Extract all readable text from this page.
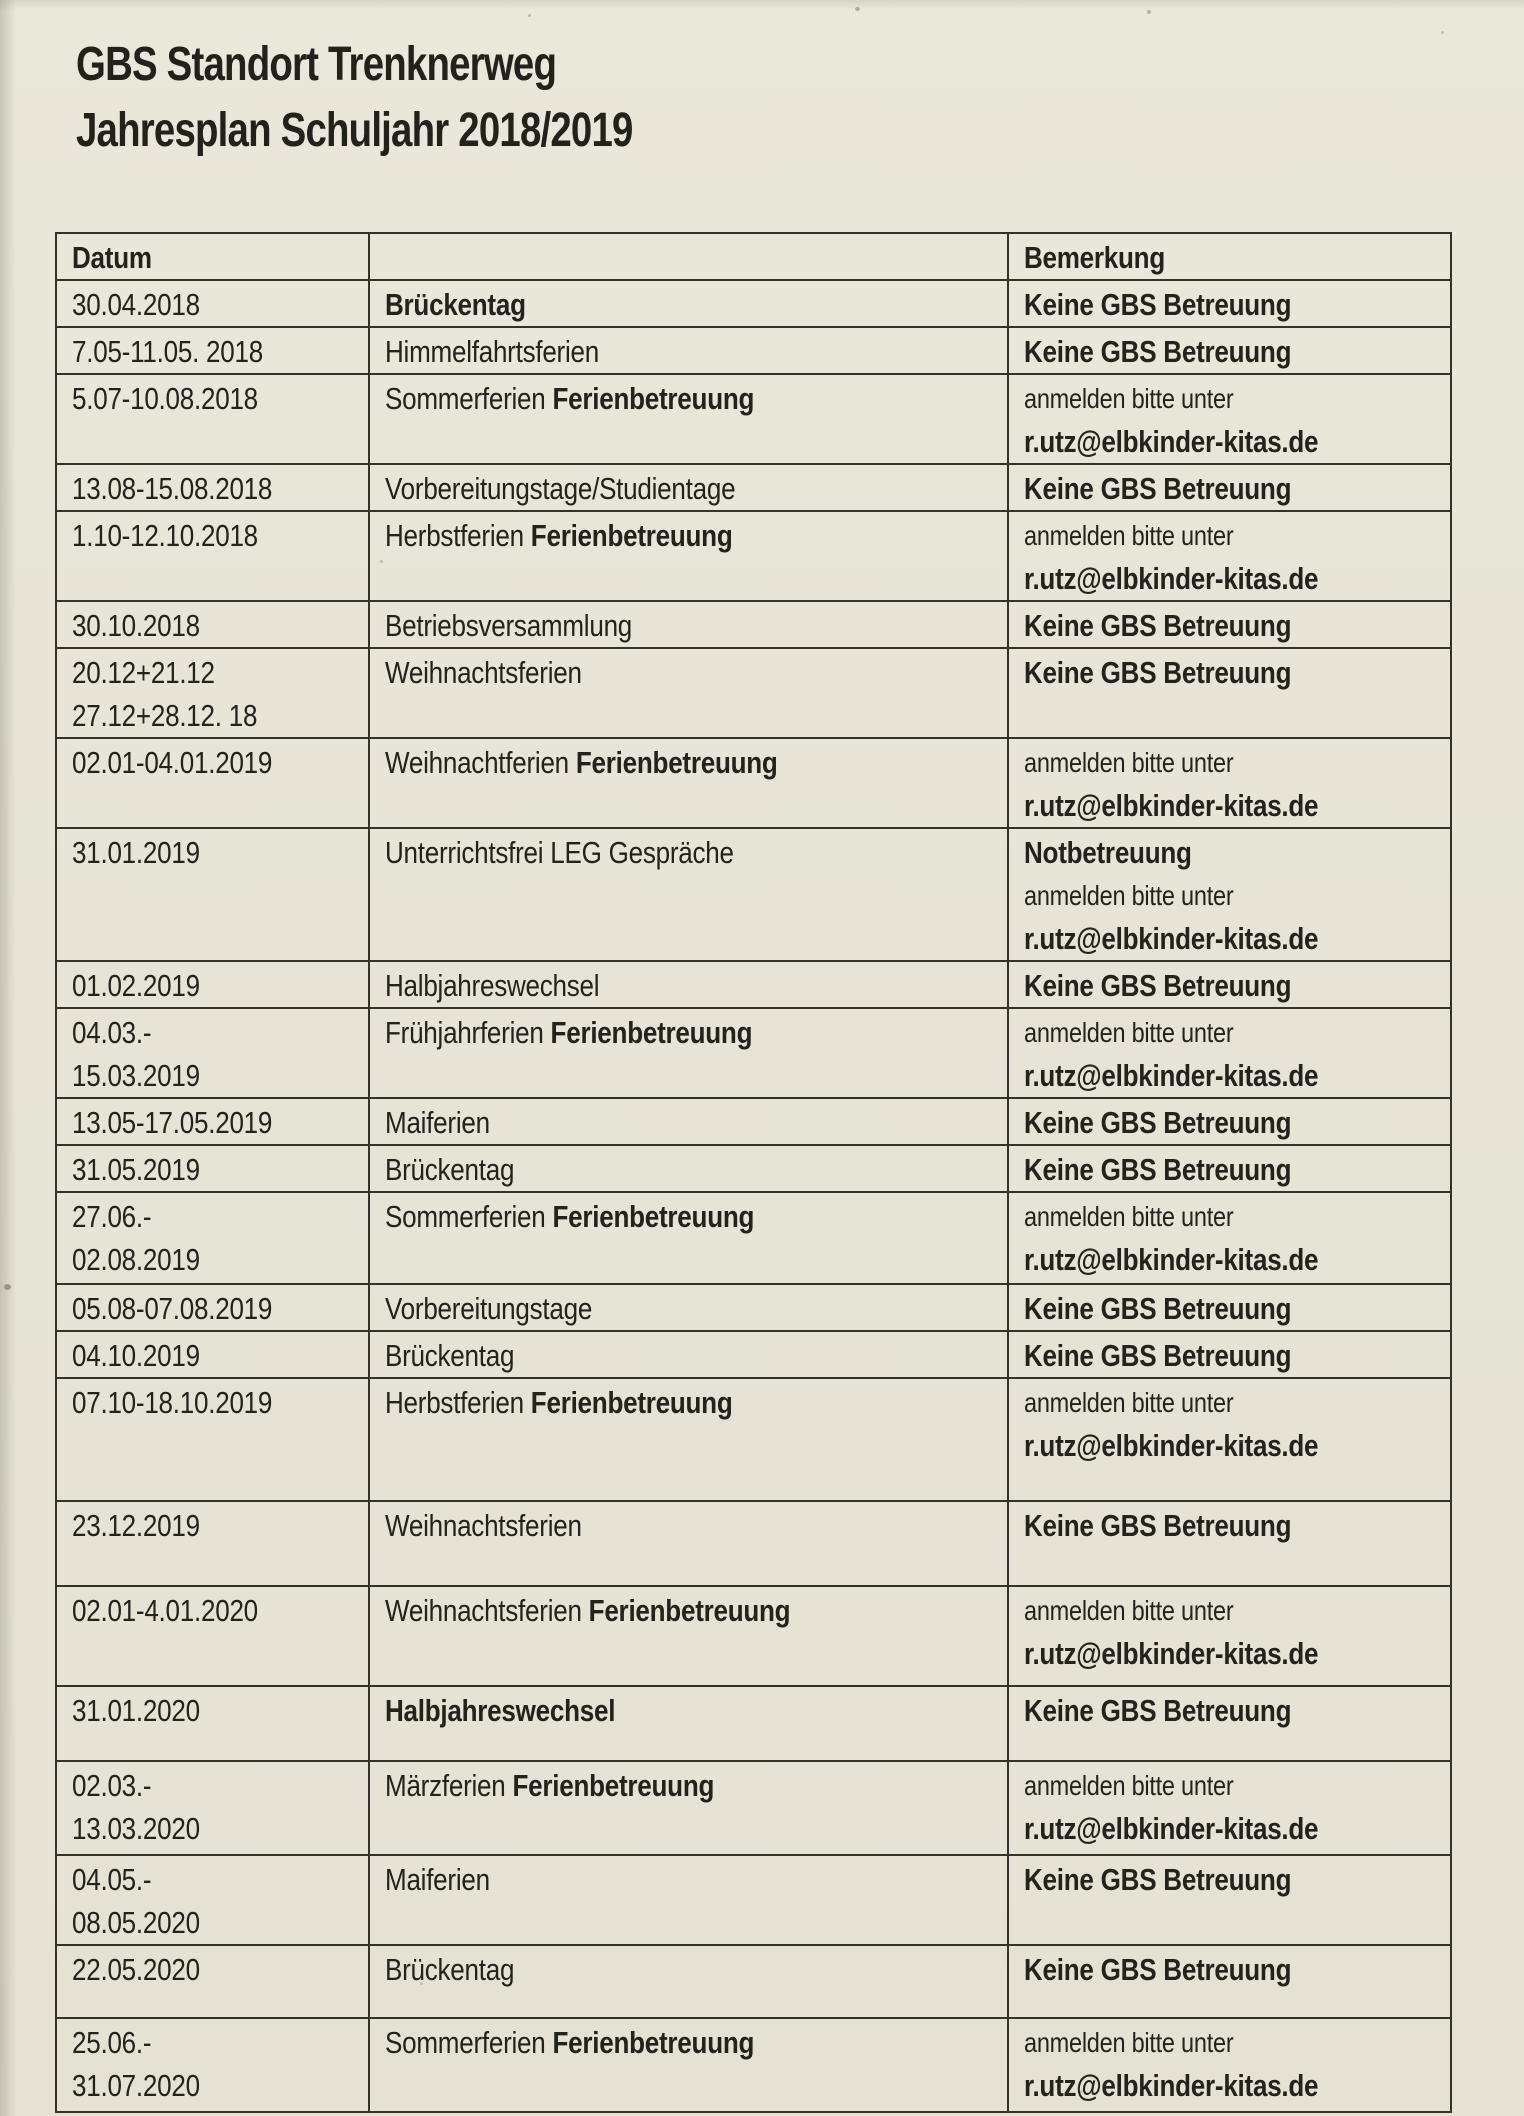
GBS Standort Trenknerweg
Jahresplan Schuljahr 2018/2019
Datum		Bemerkung

30.04.2018	Brückentag	Keine GBS Betreuung

7.05-11.05. 2018	Himmelfahrtsferien	Keine GBS Betreuung

5.07-10.08.2018	Sommerferien Ferienbetreuung	anmelden bitte unter
r.utz@elbkinder-kitas.de

13.08-15.08.2018	Vorbereitungstage/Studientage	Keine GBS Betreuung

1.10-12.10.2018	Herbstferien Ferienbetreuung	anmelden bitte unter
r.utz@elbkinder-kitas.de

30.10.2018	Betriebsversammlung	Keine GBS Betreuung

20.12+21.12
27.12+28.12. 18	Weihnachtsferien	Keine GBS Betreuung

02.01-04.01.2019	Weihnachtferien Ferienbetreuung	anmelden bitte unter
r.utz@elbkinder-kitas.de

31.01.2019	Unterrichtsfrei LEG Gespräche	Notbetreuung
anmelden bitte unter
r.utz@elbkinder-kitas.de

01.02.2019	Halbjahreswechsel	Keine GBS Betreuung

04.03.-
15.03.2019	Frühjahrferien Ferienbetreuung	anmelden bitte unter
r.utz@elbkinder-kitas.de

13.05-17.05.2019	Maiferien	Keine GBS Betreuung

31.05.2019	Brückentag	Keine GBS Betreuung

27.06.-
02.08.2019	Sommerferien Ferienbetreuung	anmelden bitte unter
r.utz@elbkinder-kitas.de

05.08-07.08.2019	Vorbereitungstage	Keine GBS Betreuung

04.10.2019	Brückentag	Keine GBS Betreuung

07.10-18.10.2019	Herbstferien Ferienbetreuung	anmelden bitte unter
r.utz@elbkinder-kitas.de

23.12.2019	Weihnachtsferien	Keine GBS Betreuung

02.01-4.01.2020	Weihnachtsferien Ferienbetreuung	anmelden bitte unter
r.utz@elbkinder-kitas.de

31.01.2020	Halbjahreswechsel	Keine GBS Betreuung

02.03.-
13.03.2020	Märzferien Ferienbetreuung	anmelden bitte unter
r.utz@elbkinder-kitas.de

04.05.-
08.05.2020	Maiferien	Keine GBS Betreuung

22.05.2020	Brückentag	Keine GBS Betreuung

25.06.-
31.07.2020	Sommerferien Ferienbetreuung	anmelden bitte unter
r.utz@elbkinder-kitas.de
